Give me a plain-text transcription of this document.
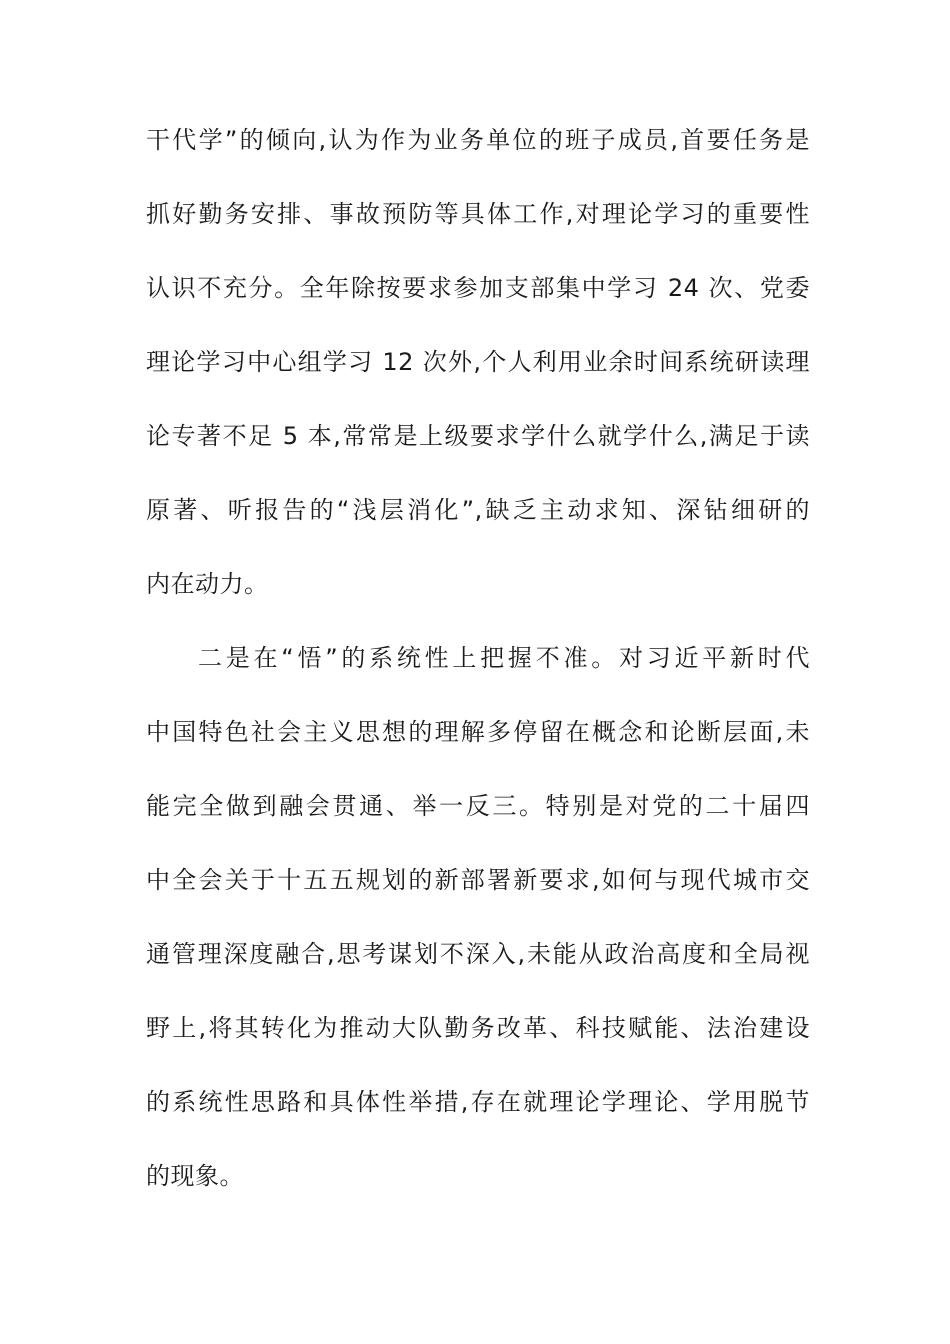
干代学”的倾向,认为作为业务单位的班子成员,首要任务是
抓好勤务安排、事故预防等具体工作,对理论学习的重要性
认识不充分。全年除按要求参加支部集中学习 24 次、党委
理论学习中心组学习 12 次外,个人利用业余时间系统研读理
论专著不足 5 本,常常是上级要求学什么就学什么,满足于读
原著、听报告的“浅层消化”,缺乏主动求知、深钻细研的
内在动力。
二是在“悟”的系统性上把握不准。对习近平新时代
中国特色社会主义思想的理解多停留在概念和论断层面,未
能完全做到融会贯通、举一反三。特别是对党的二十届四
中全会关于十五五规划的新部署新要求,如何与现代城市交
通管理深度融合,思考谋划不深入,未能从政治高度和全局视
野上,将其转化为推动大队勤务改革、科技赋能、法治建设
的系统性思路和具体性举措,存在就理论学理论、学用脱节
的现象。
